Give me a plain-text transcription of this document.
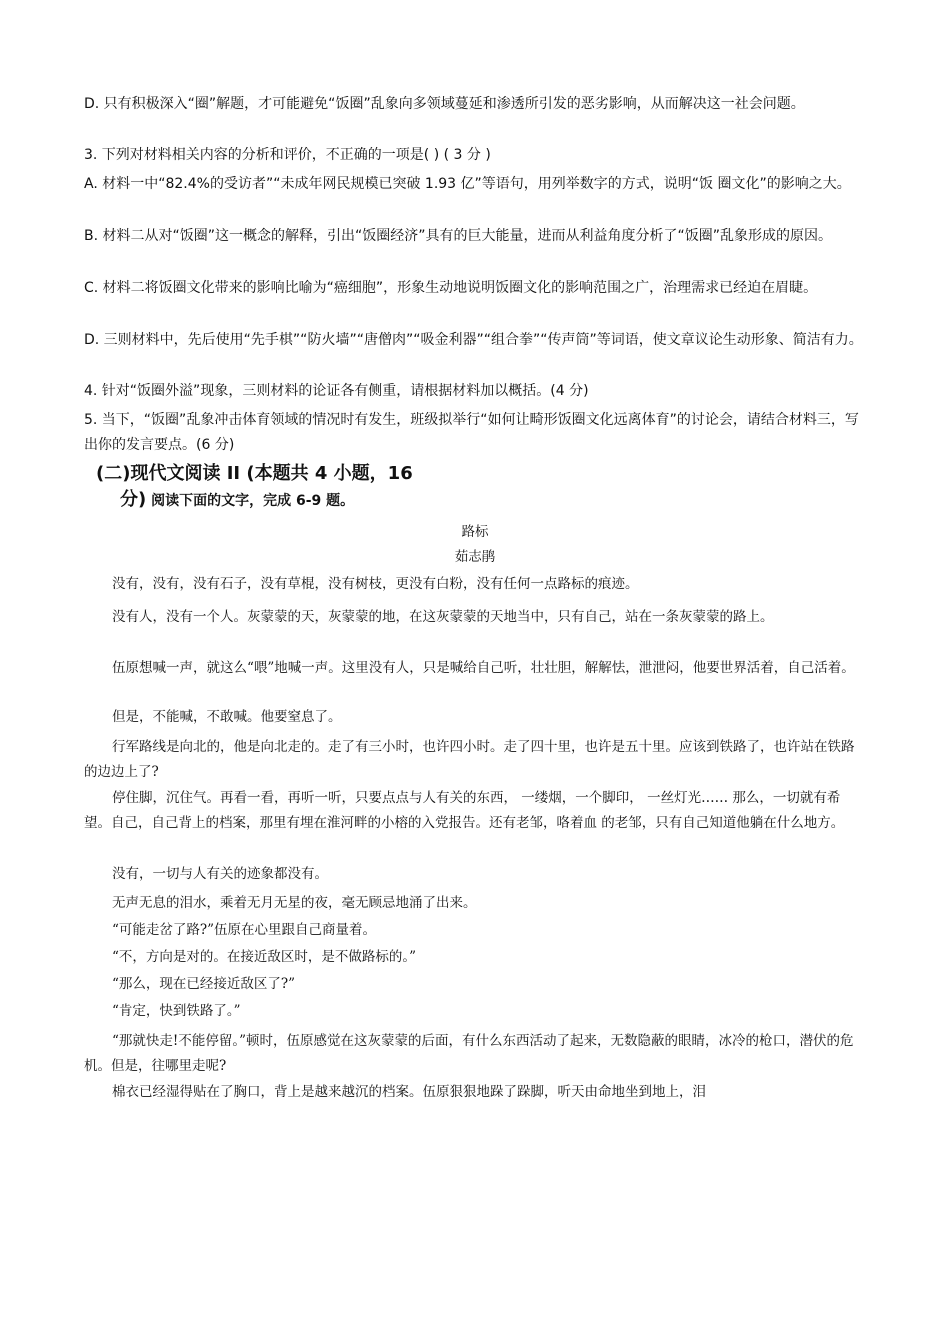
D. 只有积极深入“圈”解题，才可能避免“饭圈”乱象向多领域蔓延和渗透所引发的恶劣影响，从而解决这一社会问题。

3. 下列对材料相关内容的分析和评价，不正确的一项是( ) ( 3 分 )

A. 材料一中“82.4%的受访者”“未成年网民规模已突破 1.93 亿”等语句，用列举数字的方式，说明“饭 圈文化”的影响之大。

B. 材料二从对“饭圈”这一概念的解释，引出“饭圈经济”具有的巨大能量，进而从利益角度分析了“饭圈”乱象形成的原因。

C. 材料二将饭圈文化带来的影响比喻为“癌细胞”，形象生动地说明饭圈文化的影响范围之广，治理需求已经迫在眉睫。

D. 三则材料中，先后使用“先手棋”“防火墙”“唐僧肉”“吸金利器”“组合拳”“传声筒”等词语，使文章议论生动形象、简洁有力。

4. 针对“饭圈外溢”现象，三则材料的论证各有侧重，请根据材料加以概括。(4 分)

5. 当下，“饭圈”乱象冲击体育领域的情况时有发生，班级拟举行“如何让畸形饭圈文化远离体育”的讨论会，请结合材料三，写出你的发言要点。(6 分)

(二)现代文阅读 II (本题共 4 小题，16
分) 阅读下面的文字，完成 6-9 题。
路标
茹志鹃

没有，没有，没有石子，没有草棍，没有树枝，更没有白粉，没有任何一点路标的痕迹。

没有人，没有一个人。灰蒙蒙的天，灰蒙蒙的地，在这灰蒙蒙的天地当中，只有自己，站在一条灰蒙蒙的路上。

伍原想喊一声，就这么“喂”地喊一声。这里没有人，只是喊给自己听，壮壮胆，解解怯，泄泄闷，他要世界活着，自己活着。

但是，不能喊，不敢喊。他要窒息了。

行军路线是向北的，他是向北走的。走了有三小时，也许四小时。走了四十里，也许是五十里。应该到铁路了，也许站在铁路的边边上了?

停住脚，沉住气。再看一看，再听一听，只要点点与人有关的东西， 一缕烟，一个脚印， 一丝灯光…… 那么，一切就有希望。自己，自己背上的档案，那里有埋在淮河畔的小榕的入党报告。还有老邹，咯着血 的老邹，只有自己知道他躺在什么地方。

没有，一切与人有关的迹象都没有。

无声无息的泪水，乘着无月无星的夜，毫无顾忌地涌了出来。

“可能走岔了路?”伍原在心里跟自己商量着。

“不，方向是对的。在接近敌区时，是不做路标的。”

“那么，现在已经接近敌区了?”

“肯定，快到铁路了。”

“那就快走!不能停留。”顿时，伍原感觉在这灰蒙蒙的后面，有什么东西活动了起来，无数隐蔽的眼睛，冰冷的枪口，潜伏的危机。但是，往哪里走呢?

棉衣已经湿得贴在了胸口，背上是越来越沉的档案。伍原狠狠地跺了跺脚，听天由命地坐到地上，泪
